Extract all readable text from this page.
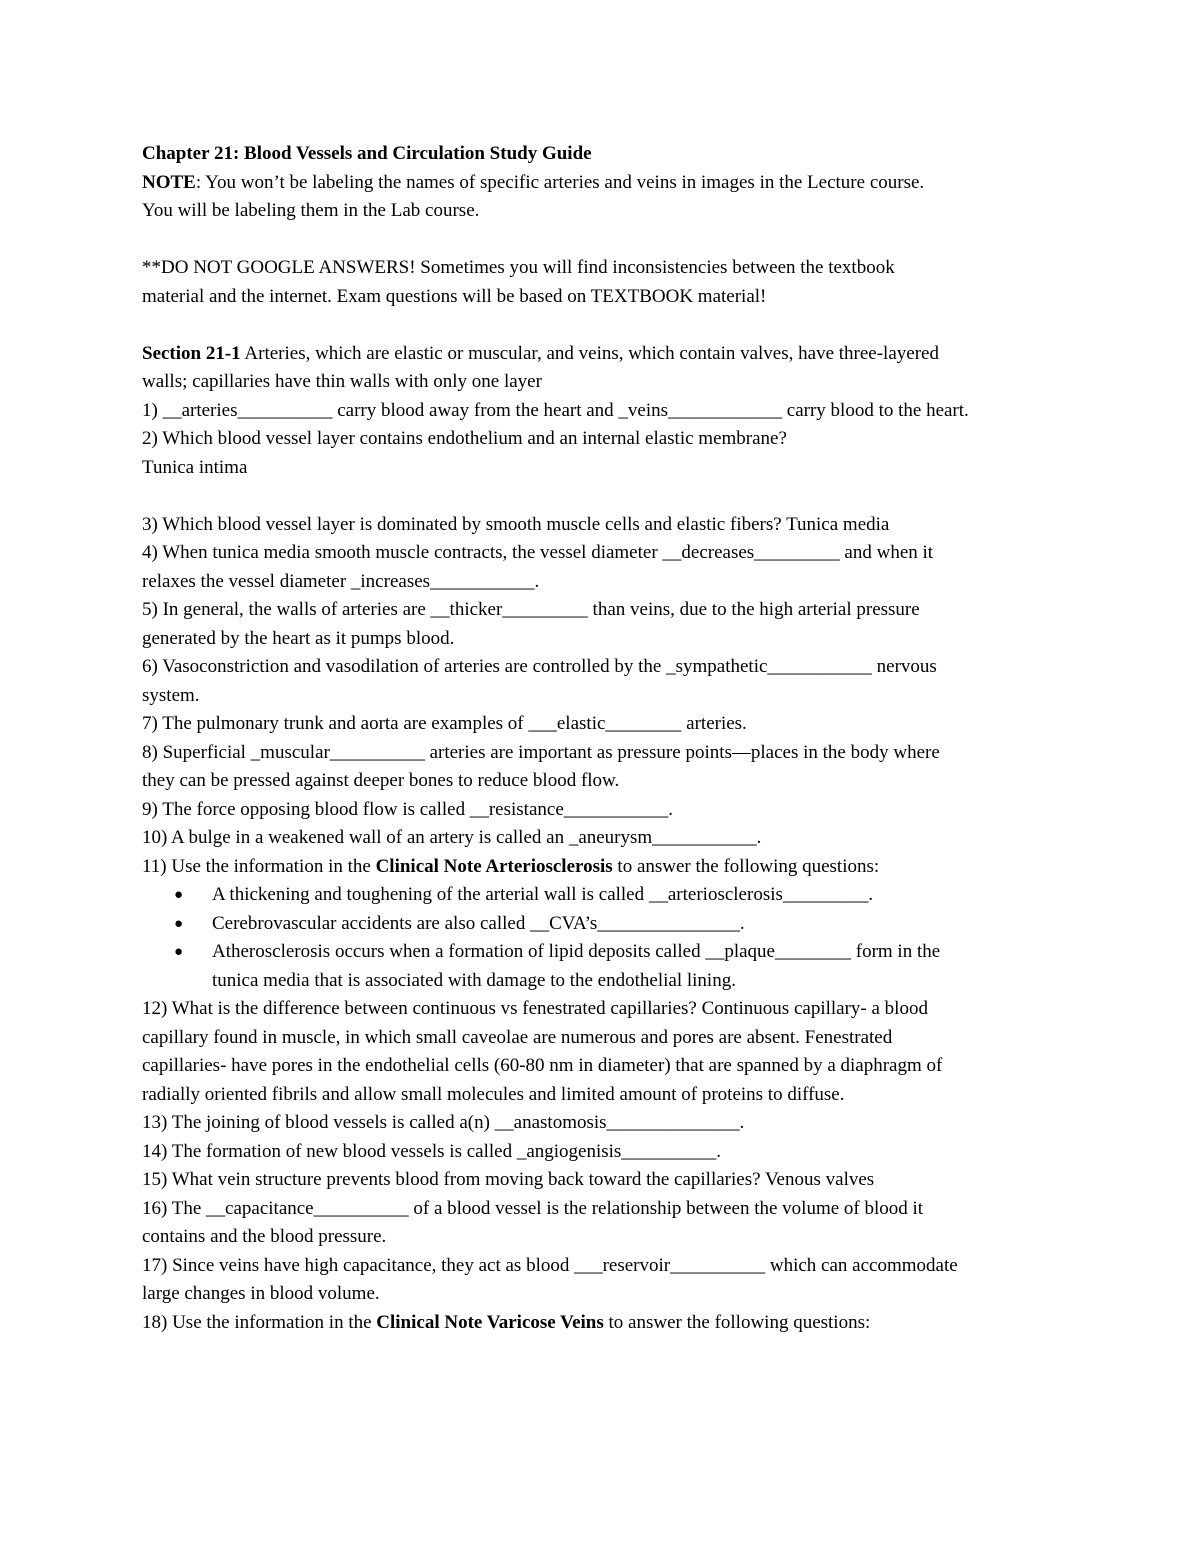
Chapter 21: Blood Vessels and Circulation Study Guide
NOTE: You won’t be labeling the names of specific arteries and veins in images in the Lecture course.
You will be labeling them in the Lab course.
**DO NOT GOOGLE ANSWERS! Sometimes you will find inconsistencies between the textbook
material and the internet. Exam questions will be based on TEXTBOOK material!
Section 21-1 Arteries, which are elastic or muscular, and veins, which contain valves, have three-layered
walls; capillaries have thin walls with only one layer
1) __arteries__________ carry blood away from the heart and _veins____________ carry blood to the heart.
2) Which blood vessel layer contains endothelium and an internal elastic membrane?
Tunica intima
3) Which blood vessel layer is dominated by smooth muscle cells and elastic fibers? Tunica media
4) When tunica media smooth muscle contracts, the vessel diameter __decreases_________ and when it
relaxes the vessel diameter _increases___________.
5) In general, the walls of arteries are __thicker_________ than veins, due to the high arterial pressure
generated by the heart as it pumps blood.
6) Vasoconstriction and vasodilation of arteries are controlled by the _sympathetic___________ nervous
system.
7) The pulmonary trunk and aorta are examples of ___elastic________ arteries.
8) Superficial _muscular__________ arteries are important as pressure points—places in the body where
they can be pressed against deeper bones to reduce blood flow.
9) The force opposing blood flow is called __resistance___________.
10) A bulge in a weakened wall of an artery is called an _aneurysm___________.
11) Use the information in the Clinical Note Arteriosclerosis to answer the following questions:
● A thickening and toughening of the arterial wall is called __arteriosclerosis_________.
● Cerebrovascular accidents are also called __CVA’s_______________.
● Atherosclerosis occurs when a formation of lipid deposits called __plaque________ form in the
tunica media that is associated with damage to the endothelial lining.
12) What is the difference between continuous vs fenestrated capillaries? Continuous capillary- a blood
capillary found in muscle, in which small caveolae are numerous and pores are absent. Fenestrated
capillaries- have pores in the endothelial cells (60-80 nm in diameter) that are spanned by a diaphragm of
radially oriented fibrils and allow small molecules and limited amount of proteins to diffuse.
13) The joining of blood vessels is called a(n) __anastomosis______________.
14) The formation of new blood vessels is called _angiogenisis__________.
15) What vein structure prevents blood from moving back toward the capillaries? Venous valves
16) The __capacitance__________ of a blood vessel is the relationship between the volume of blood it
contains and the blood pressure.
17) Since veins have high capacitance, they act as blood ___reservoir__________ which can accommodate
large changes in blood volume.
18) Use the information in the Clinical Note Varicose Veins to answer the following questions:
